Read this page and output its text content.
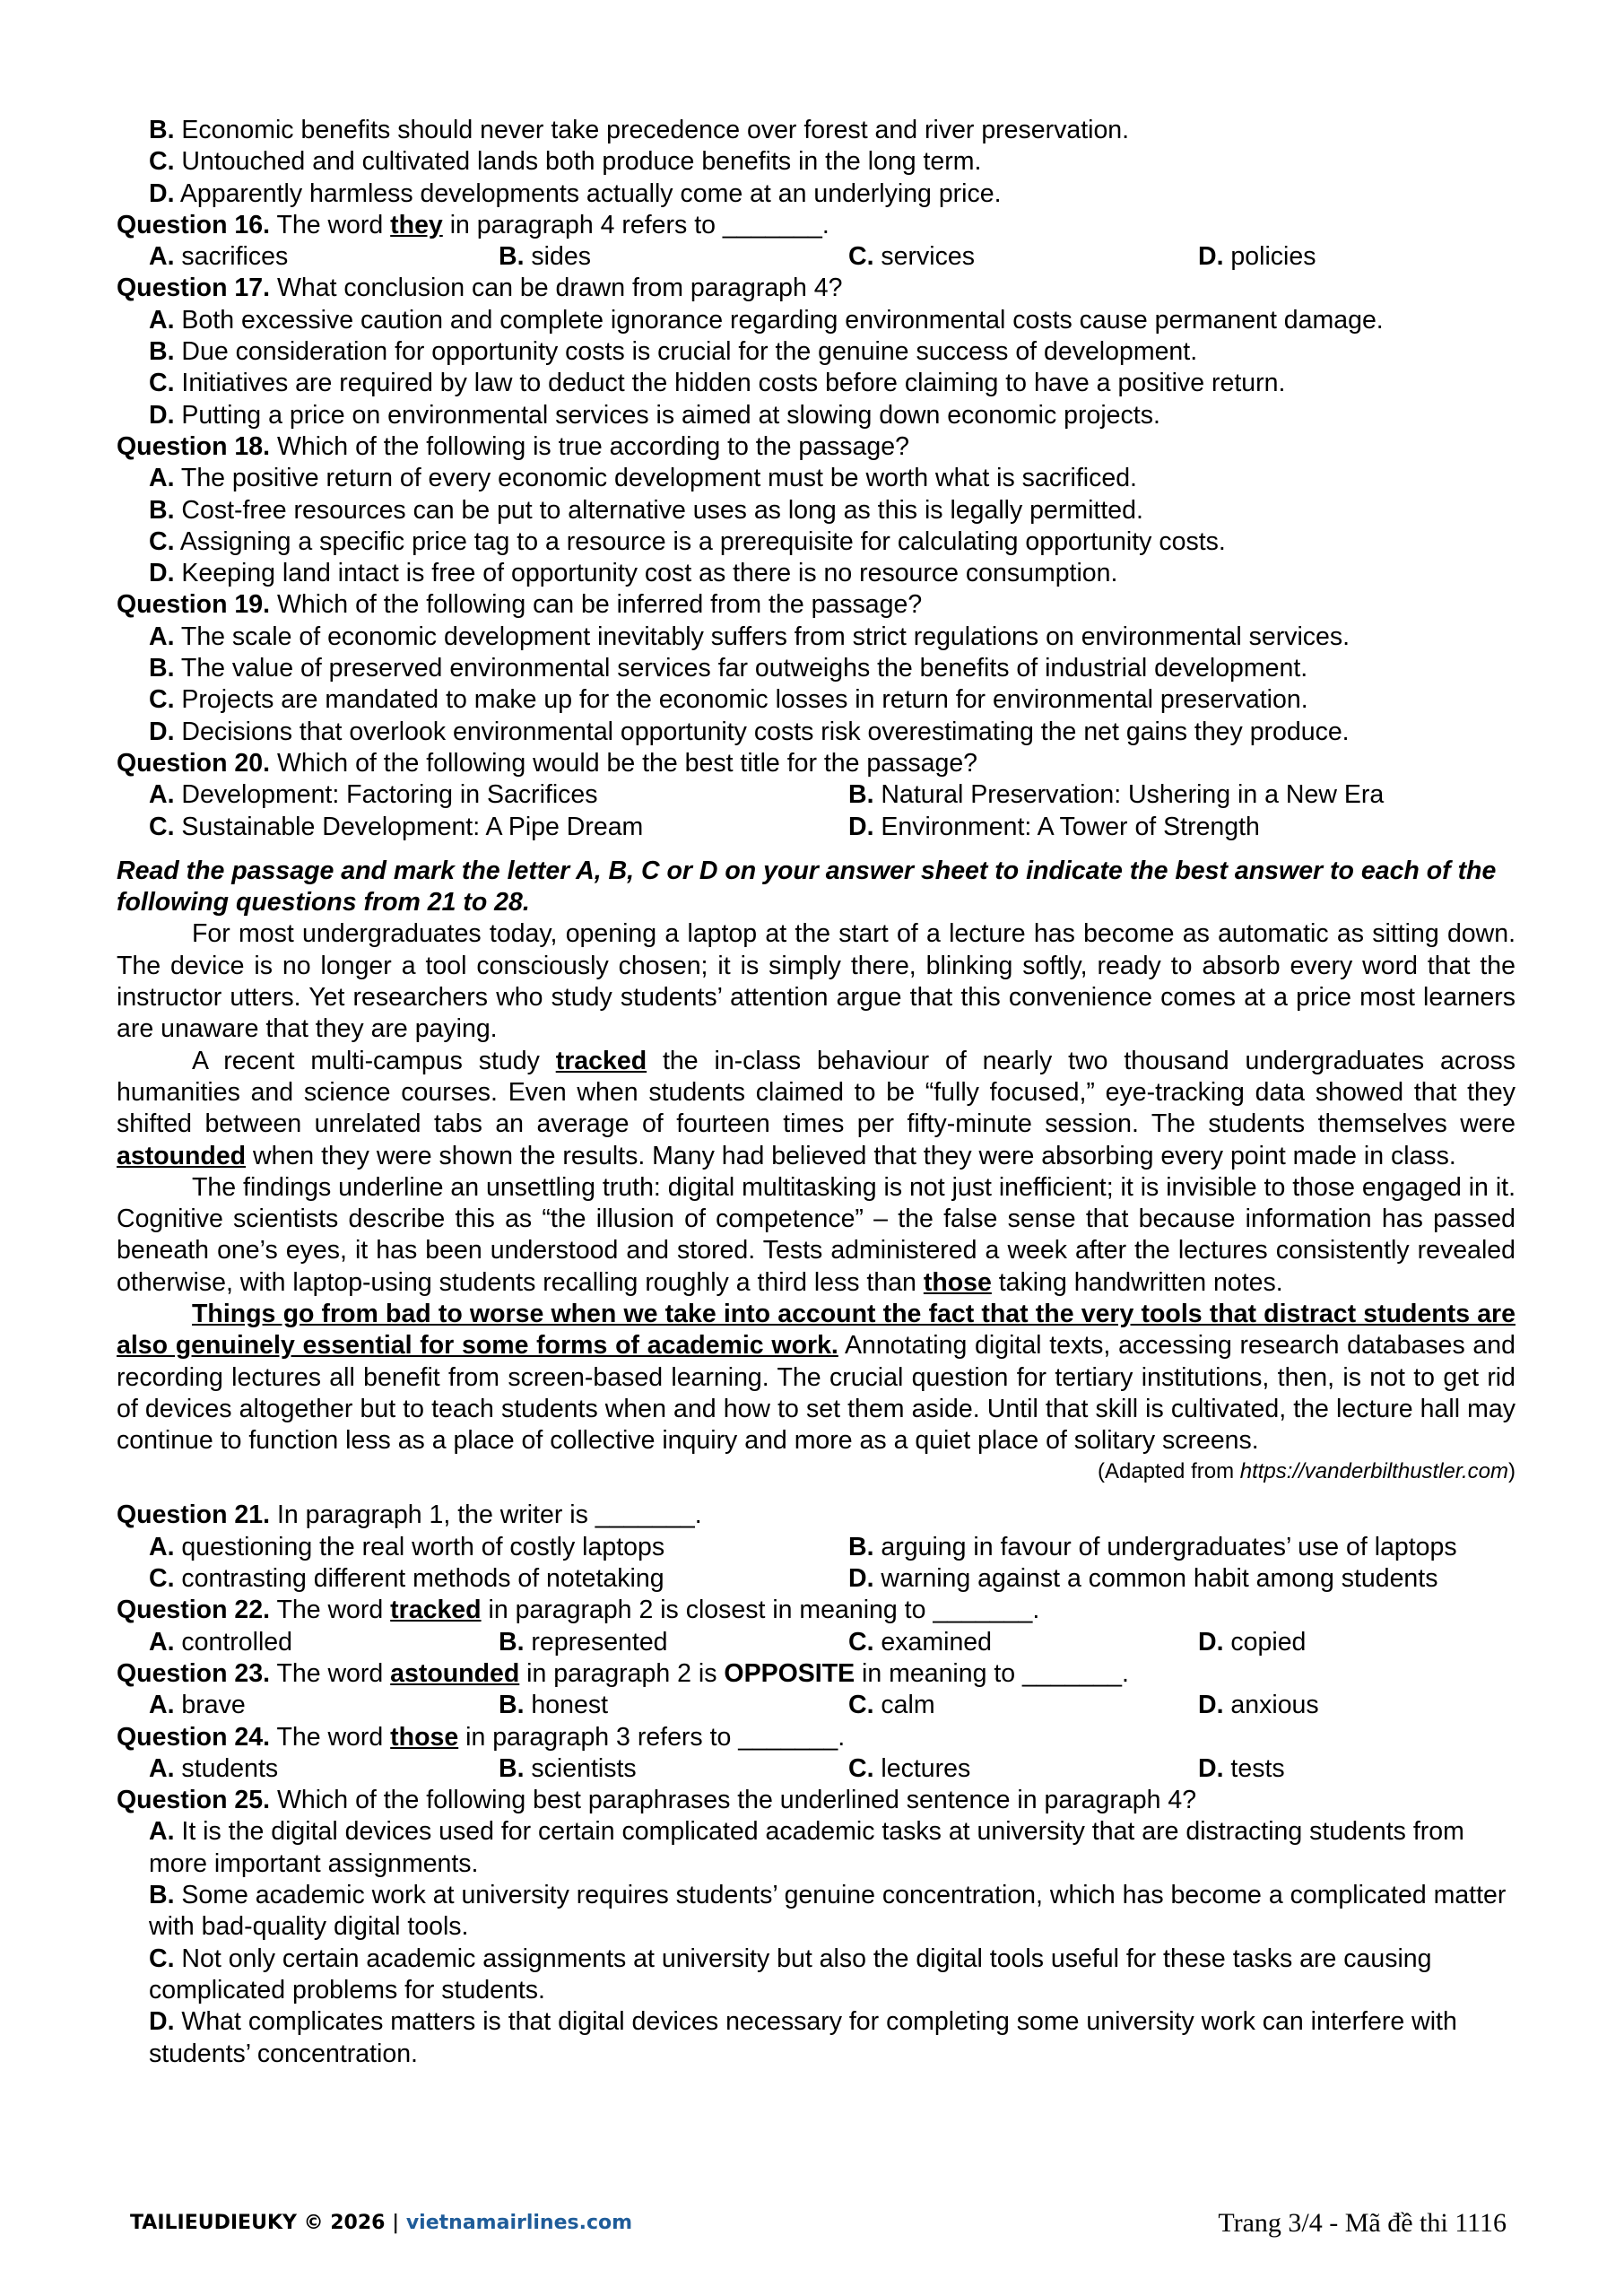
B. Economic benefits should never take precedence over forest and river preservation.
C. Untouched and cultivated lands both produce benefits in the long term.
D. Apparently harmless developments actually come at an underlying price.
Question 16. The word they in paragraph 4 refers to _______.
A. sacrifices	B. sides	C. services	D. policies
Question 17. What conclusion can be drawn from paragraph 4?
A. Both excessive caution and complete ignorance regarding environmental costs cause permanent damage.
B. Due consideration for opportunity costs is crucial for the genuine success of development.
C. Initiatives are required by law to deduct the hidden costs before claiming to have a positive return.
D. Putting a price on environmental services is aimed at slowing down economic projects.
Question 18. Which of the following is true according to the passage?
A. The positive return of every economic development must be worth what is sacrificed.
B. Cost-free resources can be put to alternative uses as long as this is legally permitted.
C. Assigning a specific price tag to a resource is a prerequisite for calculating opportunity costs.
D. Keeping land intact is free of opportunity cost as there is no resource consumption.
Question 19. Which of the following can be inferred from the passage?
A. The scale of economic development inevitably suffers from strict regulations on environmental services.
B. The value of preserved environmental services far outweighs the benefits of industrial development.
C. Projects are mandated to make up for the economic losses in return for environmental preservation.
D. Decisions that overlook environmental opportunity costs risk overestimating the net gains they produce.
Question 20. Which of the following would be the best title for the passage?
A. Development: Factoring in Sacrifices	B. Natural Preservation: Ushering in a New Era
C. Sustainable Development: A Pipe Dream	D. Environment: A Tower of Strength
Read the passage and mark the letter A, B, C or D on your answer sheet to indicate the best answer to each of the following questions from 21 to 28.
For most undergraduates today, opening a laptop at the start of a lecture has become as automatic as sitting down. The device is no longer a tool consciously chosen; it is simply there, blinking softly, ready to absorb every word that the instructor utters. Yet researchers who study students’ attention argue that this convenience comes at a price most learners are unaware that they are paying.
A recent multi-campus study tracked the in-class behaviour of nearly two thousand undergraduates across humanities and science courses. Even when students claimed to be “fully focused,” eye-tracking data showed that they shifted between unrelated tabs an average of fourteen times per fifty-minute session. The students themselves were astounded when they were shown the results. Many had believed that they were absorbing every point made in class.
The findings underline an unsettling truth: digital multitasking is not just inefficient; it is invisible to those engaged in it. Cognitive scientists describe this as “the illusion of competence” – the false sense that because information has passed beneath one’s eyes, it has been understood and stored. Tests administered a week after the lectures consistently revealed otherwise, with laptop-using students recalling roughly a third less than those taking handwritten notes.
Things go from bad to worse when we take into account the fact that the very tools that distract students are also genuinely essential for some forms of academic work. Annotating digital texts, accessing research databases and recording lectures all benefit from screen-based learning. The crucial question for tertiary institutions, then, is not to get rid of devices altogether but to teach students when and how to set them aside. Until that skill is cultivated, the lecture hall may continue to function less as a place of collective inquiry and more as a quiet place of solitary screens.
(Adapted from https://vanderbilthustler.com)
Question 21. In paragraph 1, the writer is _______.
A. questioning the real worth of costly laptops	B. arguing in favour of undergraduates’ use of laptops
C. contrasting different methods of notetaking	D. warning against a common habit among students
Question 22. The word tracked in paragraph 2 is closest in meaning to _______.
A. controlled	B. represented	C. examined	D. copied
Question 23. The word astounded in paragraph 2 is OPPOSITE in meaning to _______.
A. brave	B. honest	C. calm	D. anxious
Question 24. The word those in paragraph 3 refers to _______.
A. students	B. scientists	C. lectures	D. tests
Question 25. Which of the following best paraphrases the underlined sentence in paragraph 4?
A. It is the digital devices used for certain complicated academic tasks at university that are distracting students from more important assignments.
B. Some academic work at university requires students’ genuine concentration, which has become a complicated matter with bad-quality digital tools.
C. Not only certain academic assignments at university but also the digital tools useful for these tasks are causing complicated problems for students.
D. What complicates matters is that digital devices necessary for completing some university work can interfere with students’ concentration.
TAILIEUDIEUKY © 2026 | vietnamairlines.com	Trang 3/4 - Mã đề thi 1116
